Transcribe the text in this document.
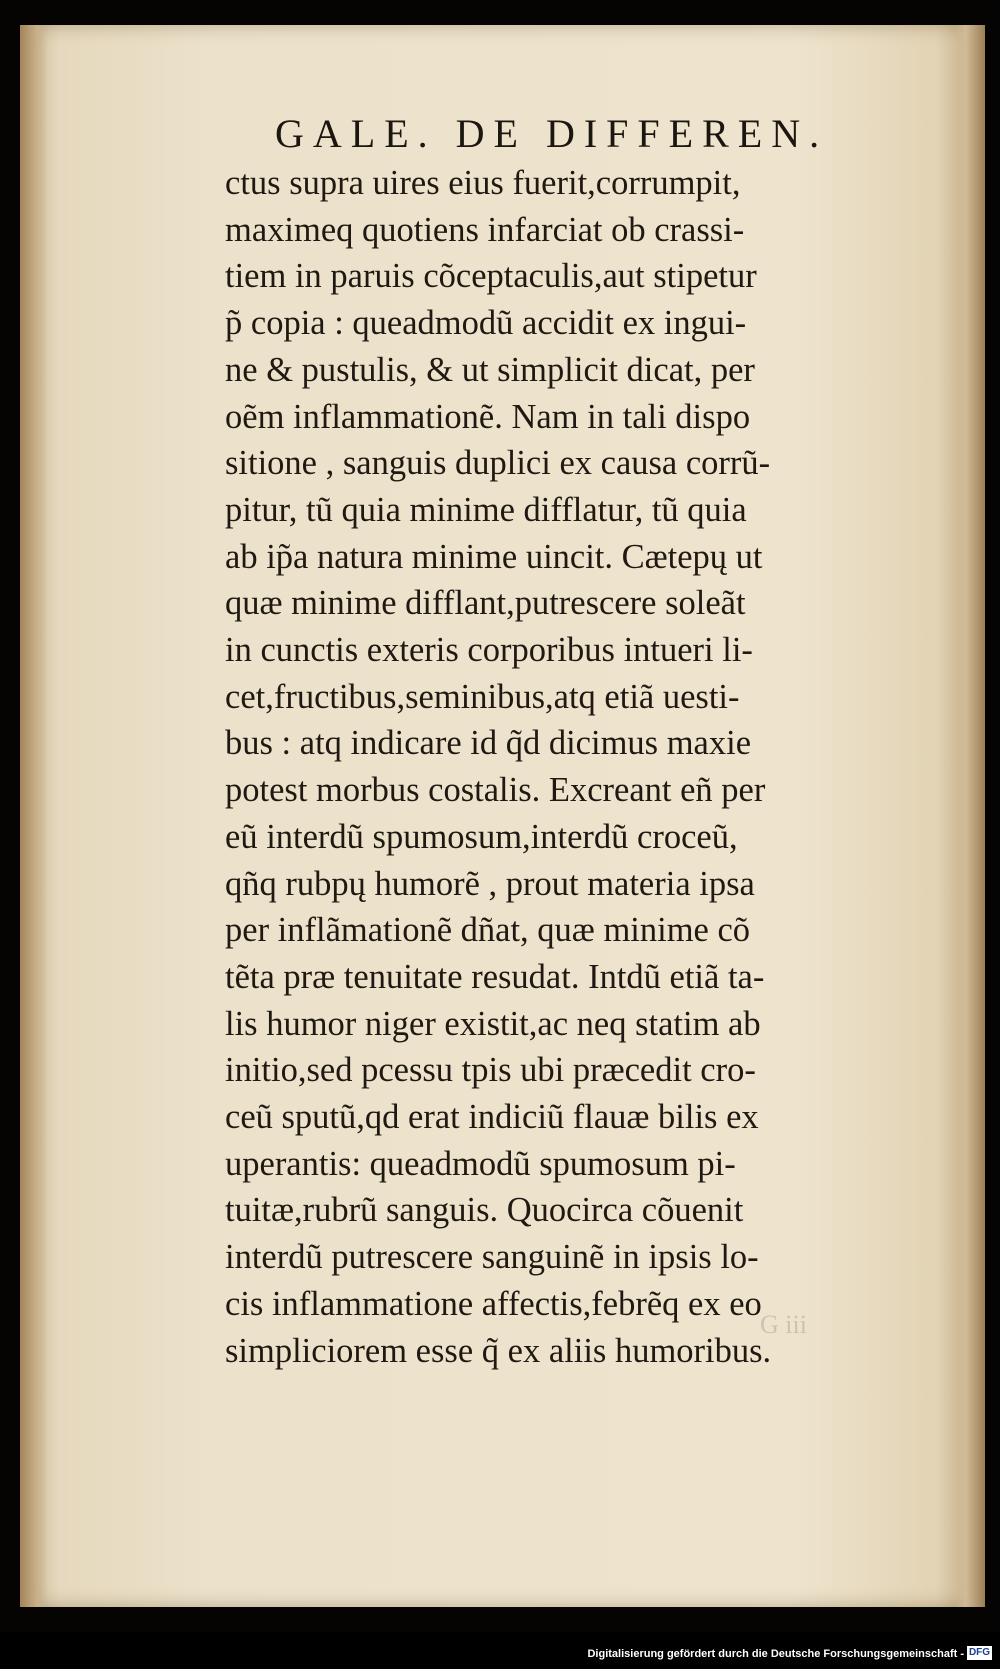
GALE. DE DIFFEREN.
ctus supra uires eius fuerit,corrumpit,
maximeq quotiens infarciat ob crassi-
tiem in paruis cõceptaculis,aut stipetur
p̃ copia : queadmodũ accidit ex ingui-
ne & pustulis, & ut simplicit dicat, per
oẽm inflammationẽ. Nam in tali dispo
sitione , sanguis duplici ex causa corrũ-
pitur, tũ quia minime difflatur, tũ quia
ab ip̃a natura minime uincit. Cæteрų ut
quæ minime difflant,putrescere soleãt
in cunctis exteris corporibus intueri li-
cet,fructibus,seminibus,atq etiã uesti-
bus : atq indicare id q̃d dicimus maxie
potest morbus costalis. Excreant eñ per
eũ interdũ spumosum,interdũ croceũ,
qñq rubрų humorẽ , prout materia ipsa
per inflãmationẽ dñat, quæ minime cõ
tẽta præ tenuitate resudat. Intdũ etiã ta-
lis humor niger existit,ac neq statim ab
initio,sed pcessu tpis ubi præcedit cro-
ceũ sputũ,qd erat indiciũ flauæ bilis ex
uperantis: queadmodũ spumosum pi-
tuitæ,rubrũ sanguis. Quocirca cõuenit
interdũ putrescere sanguinẽ in ipsis lo-
cis inflammatione affectis,febrẽq ex eo
simpliciorem esse q̃ ex aliis humoribus.
G iii
Digitalisierung gefördert durch die Deutsche Forschungsgemeinschaft - DFG
